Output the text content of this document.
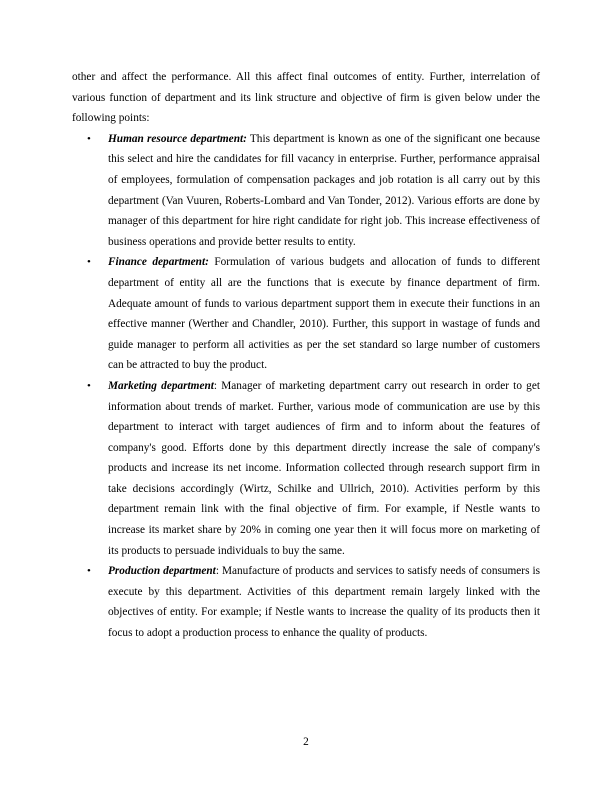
other and affect the performance. All this affect final outcomes of entity. Further, interrelation of various function of department and its link structure and objective of firm is given below under the following points:

• Human resource department: This department is known as one of the significant one because this select and hire the candidates for fill vacancy in enterprise. Further, performance appraisal of employees, formulation of compensation packages and job rotation is all carry out by this department (Van Vuuren, Roberts-Lombard and Van Tonder, 2012). Various efforts are done by manager of this department for hire right candidate for right job. This increase effectiveness of business operations and provide better results to entity.
• Finance department: Formulation of various budgets and allocation of funds to different department of entity all are the functions that is execute by finance department of firm. Adequate amount of funds to various department support them in execute their functions in an effective manner (Werther and Chandler, 2010). Further, this support in wastage of funds and guide manager to perform all activities as per the set standard so large number of customers can be attracted to buy the product.
• Marketing department: Manager of marketing department carry out research in order to get information about trends of market. Further, various mode of communication are use by this department to interact with target audiences of firm and to inform about the features of company's good. Efforts done by this department directly increase the sale of company's products and increase its net income. Information collected through research support firm in take decisions accordingly (Wirtz, Schilke and Ullrich, 2010). Activities perform by this department remain link with the final objective of firm. For example, if Nestle wants to increase its market share by 20% in coming one year then it will focus more on marketing of its products to persuade individuals to buy the same.
• Production department: Manufacture of products and services to satisfy needs of consumers is execute by this department. Activities of this department remain largely linked with the objectives of entity. For example; if Nestle wants to increase the quality of its products then it focus to adopt a production process to enhance the quality of products.
2
